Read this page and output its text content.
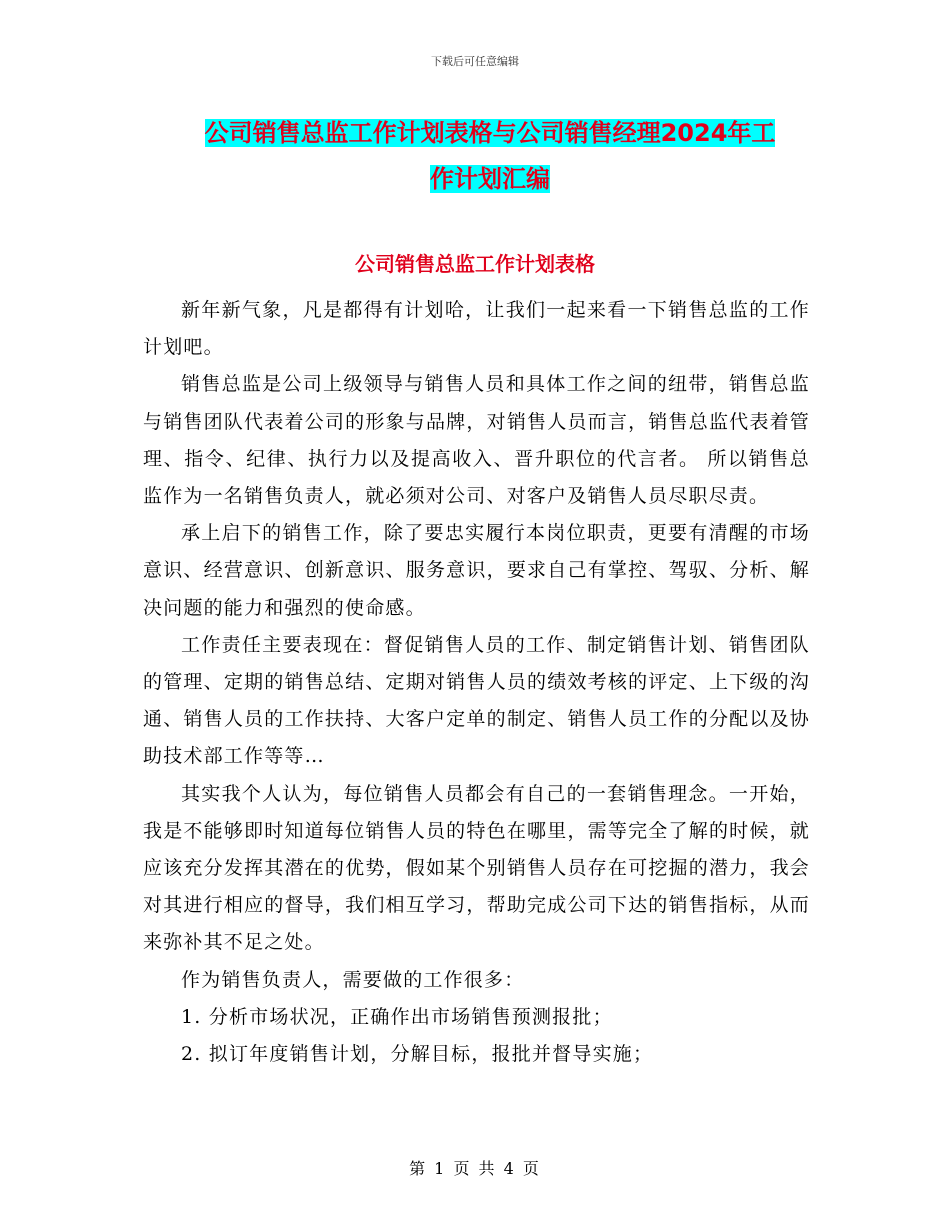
下载后可任意编辑
公司销售总监工作计划表格与公司销售经理2024年工
作计划汇编
公司销售总监工作计划表格

新年新气象，凡是都得有计划哈，让我们一起来看一下销售总监的工作计划吧。

销售总监是公司上级领导与销售人员和具体工作之间的纽带，销售总监与销售团队代表着公司的形象与品牌，对销售人员而言，销售总监代表着管理、指令、纪律、执行力以及提高收入、晋升职位的代言者。 所以销售总监作为一名销售负责人，就必须对公司、对客户及销售人员尽职尽责。

承上启下的销售工作，除了要忠实履行本岗位职责，更要有清醒的市场意识、经营意识、创新意识、服务意识，要求自己有掌控、驾驭、分析、解决问题的能力和强烈的使命感。

工作责任主要表现在：督促销售人员的工作、制定销售计划、销售团队的管理、定期的销售总结、定期对销售人员的绩效考核的评定、上下级的沟通、销售人员的工作扶持、大客户定单的制定、销售人员工作的分配以及协助技术部工作等等…

其实我个人认为，每位销售人员都会有自己的一套销售理念。一开始，我是不能够即时知道每位销售人员的特色在哪里，需等完全了解的时候，就应该充分发挥其潜在的优势，假如某个别销售人员存在可挖掘的潜力，我会对其进行相应的督导，我们相互学习，帮助完成公司下达的销售指标，从而来弥补其不足之处。

作为销售负责人，需要做的工作很多：

1. 分析市场状况，正确作出市场销售预测报批；

2. 拟订年度销售计划，分解目标，报批并督导实施；

第 1 页 共 4 页
